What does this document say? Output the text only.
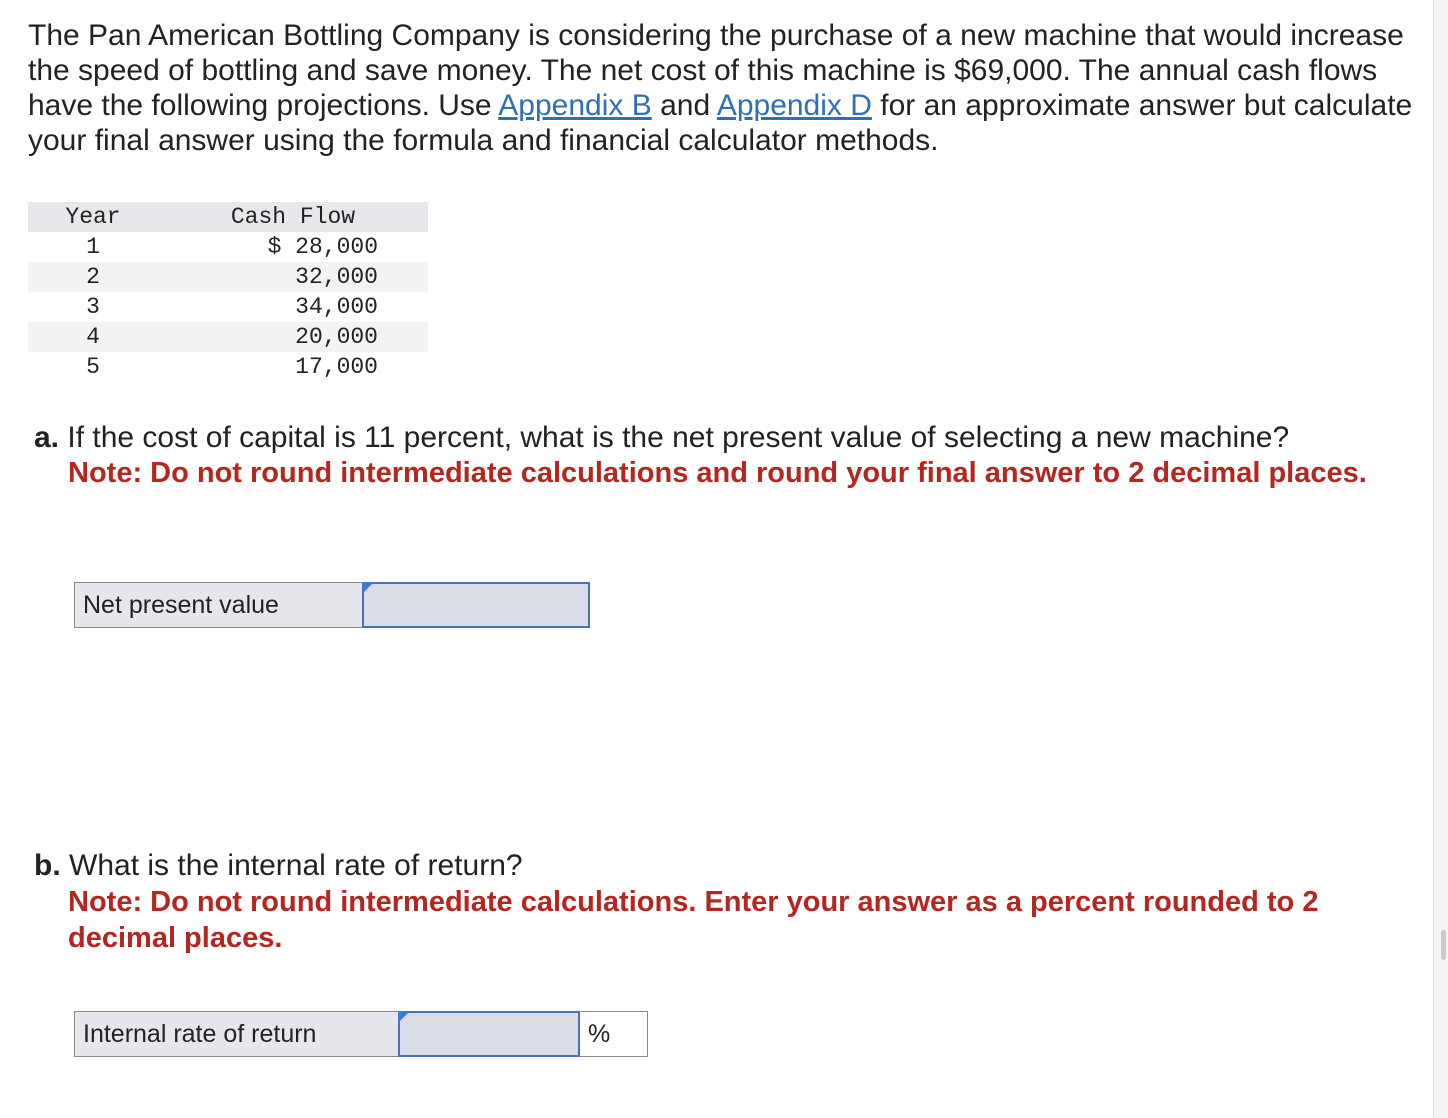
The Pan American Bottling Company is considering the purchase of a new machine that would increase the speed of bottling and save money. The net cost of this machine is $69,000. The annual cash flows have the following projections. Use Appendix B and Appendix D for an approximate answer but calculate your final answer using the formula and financial calculator methods.

Year	Cash Flow
1	$ 28,000
2	32,000
3	34,000
4	20,000
5	17,000

a. If the cost of capital is 11 percent, what is the net present value of selecting a new machine?

Note: Do not round intermediate calculations and round your final answer to 2 decimal places.

Net present value

b. What is the internal rate of return?

Note: Do not round intermediate calculations. Enter your answer as a percent rounded to 2 decimal places.

Internal rate of return	%
